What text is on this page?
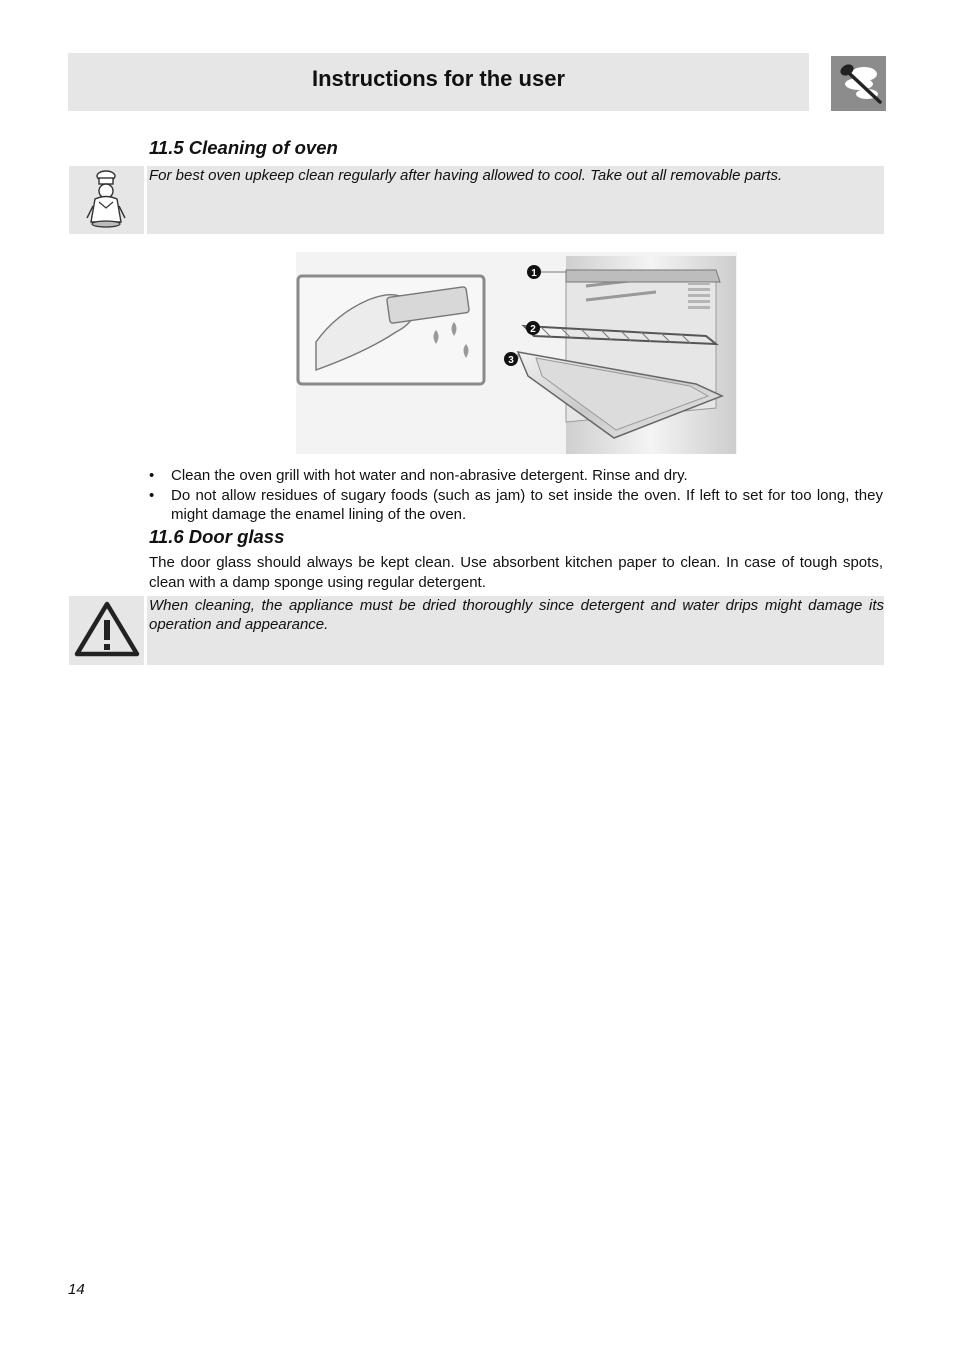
Instructions for the user
11.5 Cleaning of oven
For best oven upkeep clean regularly after having allowed to cool. Take out all removable parts.
1
2
3
• Clean the oven grill with hot water and non-abrasive detergent. Rinse and dry.
• Do not allow residues of sugary foods (such as jam) to set inside the oven. If left to set for too long, they might damage the enamel lining of the oven.
11.6 Door glass
The door glass should always be kept clean. Use absorbent kitchen paper to clean. In case of tough spots, clean with a damp sponge using regular detergent.
When cleaning, the appliance must be dried thoroughly since detergent and water drips might damage its operation and appearance.
14
